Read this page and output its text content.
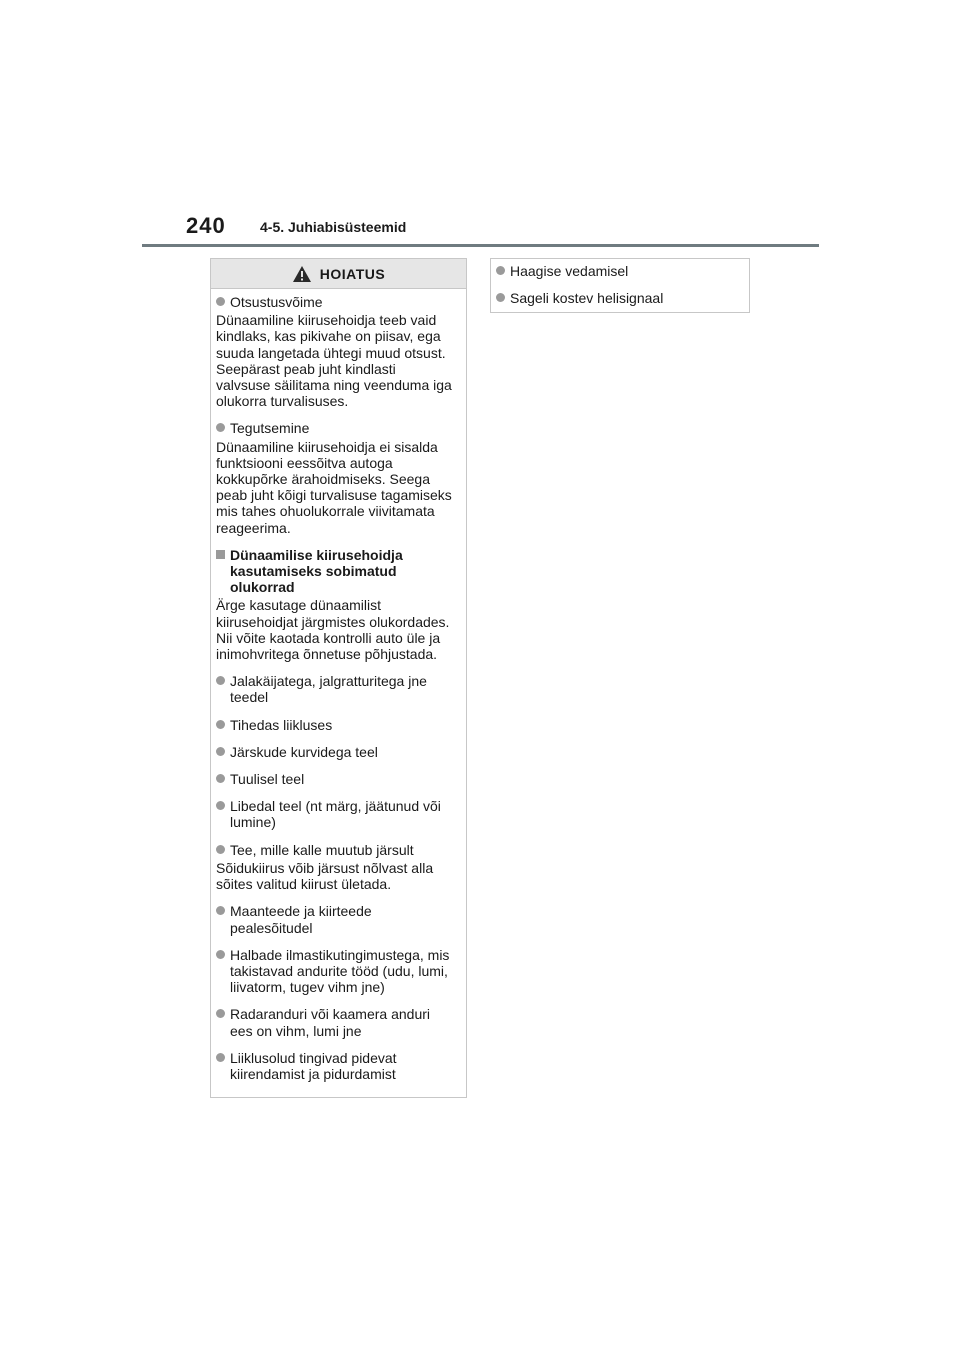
240 4-5. Juhiabisüsteemid
HOIATUS
Otsustusvõime
Dünaamiline kiirusehoidja teeb vaid
kindlaks, kas pikivahe on piisav, ega
suuda langetada ühtegi muud otsust.
Seepärast peab juht kindlasti
valvsuse säilitama ning veenduma iga
olukorra turvalisuses.
Tegutsemine
Dünaamiline kiirusehoidja ei sisalda
funktsiooni eessõitva autoga
kokkupõrke ärahoidmiseks. Seega
peab juht kõigi turvalisuse tagamiseks
mis tahes ohuolukorrale viivitamata
reageerima.
Dünaamilise kiirusehoidja
kasutamiseks sobimatud
olukorrad
Ärge kasutage dünaamilist
kiirusehoidjat järgmistes olukordades.
Nii võite kaotada kontrolli auto üle ja
inimohvritega õnnetuse põhjustada.
Jalakäijatega, jalgratturitega jne
teedel
Tihedas liikluses
Järskude kurvidega teel
Tuulisel teel
Libedal teel (nt märg, jäätunud või
lumine)
Tee, mille kalle muutub järsult
Sõidukiirus võib järsust nõlvast alla
sõites valitud kiirust ületada.
Maanteede ja kiirteede
pealesõitudel
Halbade ilmastikutingimustega, mis
takistavad andurite tööd (udu, lumi,
liivatorm, tugev vihm jne)
Radaranduri või kaamera anduri
ees on vihm, lumi jne
Liiklusolud tingivad pidevat
kiirendamist ja pidurdamist
Haagise vedamisel
Sageli kostev helisignaal
